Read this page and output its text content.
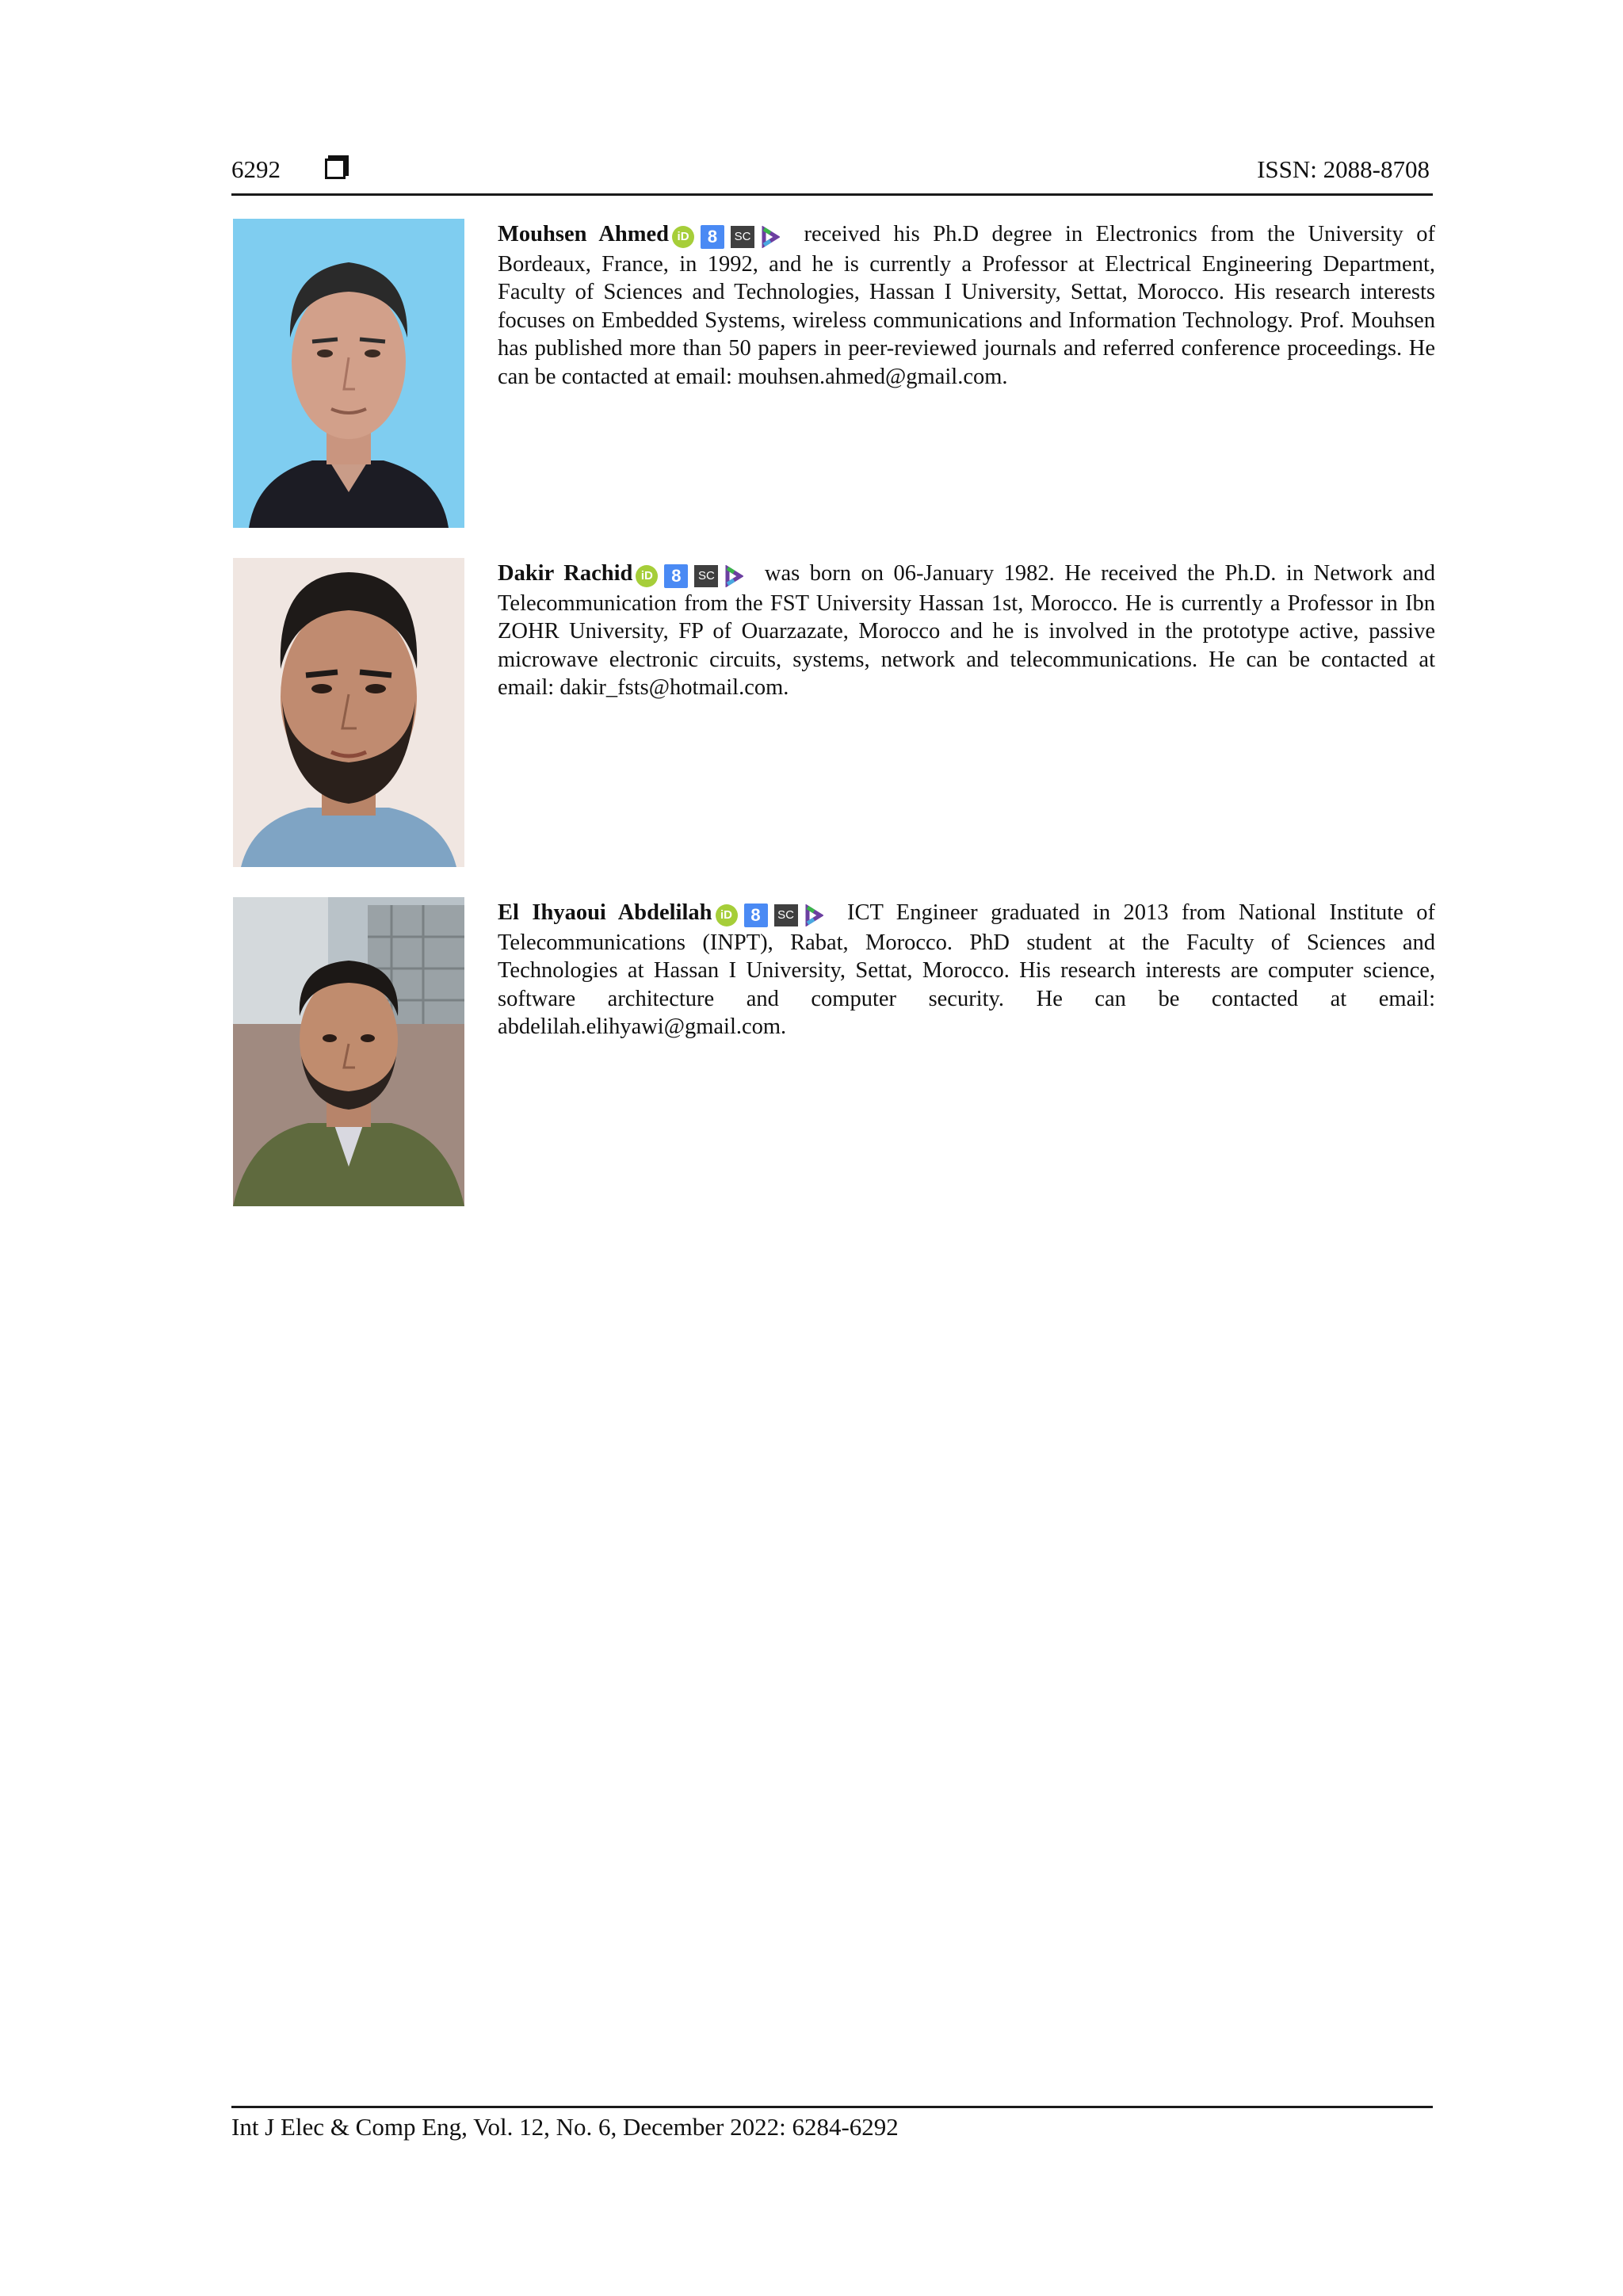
6292	ISSN: 2088-8708
Mouhsen Ahmed iD 8 SC received his Ph.D degree in Electronics from the University of Bordeaux, France, in 1992, and he is currently a Professor at Electrical Engineering Department, Faculty of Sciences and Technologies, Hassan I University, Settat, Morocco. His research interests focuses on Embedded Systems, wireless communications and Information Technology. Prof. Mouhsen has published more than 50 papers in peer-reviewed journals and referred conference proceedings. He can be contacted at email: mouhsen.ahmed@gmail.com.
Dakir Rachid iD 8 SC was born on 06-January 1982. He received the Ph.D. in Network and Telecommunication from the FST University Hassan 1st, Morocco. He is currently a Professor in Ibn ZOHR University, FP of Ouarzazate, Morocco and he is involved in the prototype active, passive microwave electronic circuits, systems, network and telecommunications. He can be contacted at email: dakir_fsts@hotmail.com.
El Ihyaoui Abdelilah iD 8 SC ICT Engineer graduated in 2013 from National Institute of Telecommunications (INPT), Rabat, Morocco. PhD student at the Faculty of Sciences and Technologies at Hassan I University, Settat, Morocco. His research interests are computer science, software architecture and computer security. He can be contacted at email: abdelilah.elihyawi@gmail.com.
Int J Elec & Comp Eng, Vol. 12, No. 6, December 2022: 6284-6292
